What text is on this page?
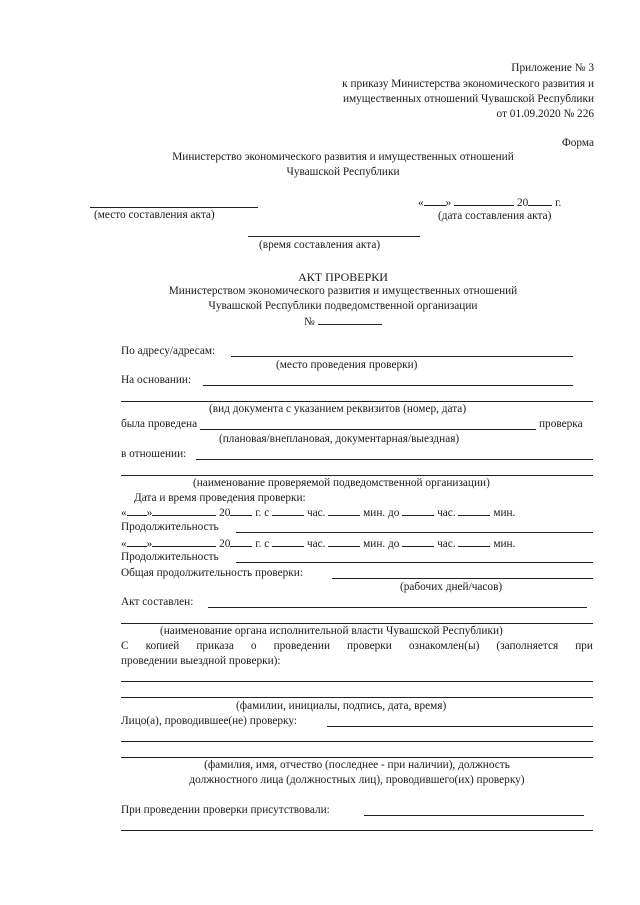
Приложение № 3
к приказу Министерства экономического развития и
имущественных отношений Чувашской Республики
от 01.09.2020 № 226
Форма
Министерство экономического развития и имущественных отношений
Чувашской Республики
(место составления акта)
« »	20 г.
(дата составления акта)
(время составления акта)
АКТ ПРОВЕРКИ
Министерством экономического развития и имущественных отношений
Чувашской Республики подведомственной организации
№
По адресу/адресам:
(место проведения проверки)
На основании:
(вид документа с указанием реквизитов (номер, дата)
была проведена	проверка
(плановая/внеплановая, документарная/выездная)
в отношении:
(наименование проверяемой подведомственной организации)
Дата и время проведения проверки:
« »	20 г. с	час.	мин. до	час.	мин.
Продолжительность
« »	20 г. с	час.	мин. до	час.	мин.
Продолжительность
Общая продолжительность проверки:
(рабочих дней/часов)
Акт составлен:
(наименование органа исполнительной власти Чувашской Республики)
С копией приказа о проведении проверки ознакомлен(ы) (заполняется при
проведении выездной проверки):
(фамилии, инициалы, подпись, дата, время)
Лицо(а), проводившее(не) проверку:
(фамилия, имя, отчество (последнее - при наличии), должность
должностного лица (должностных лиц), проводившего(их) проверку)
При проведении проверки присутствовали:
